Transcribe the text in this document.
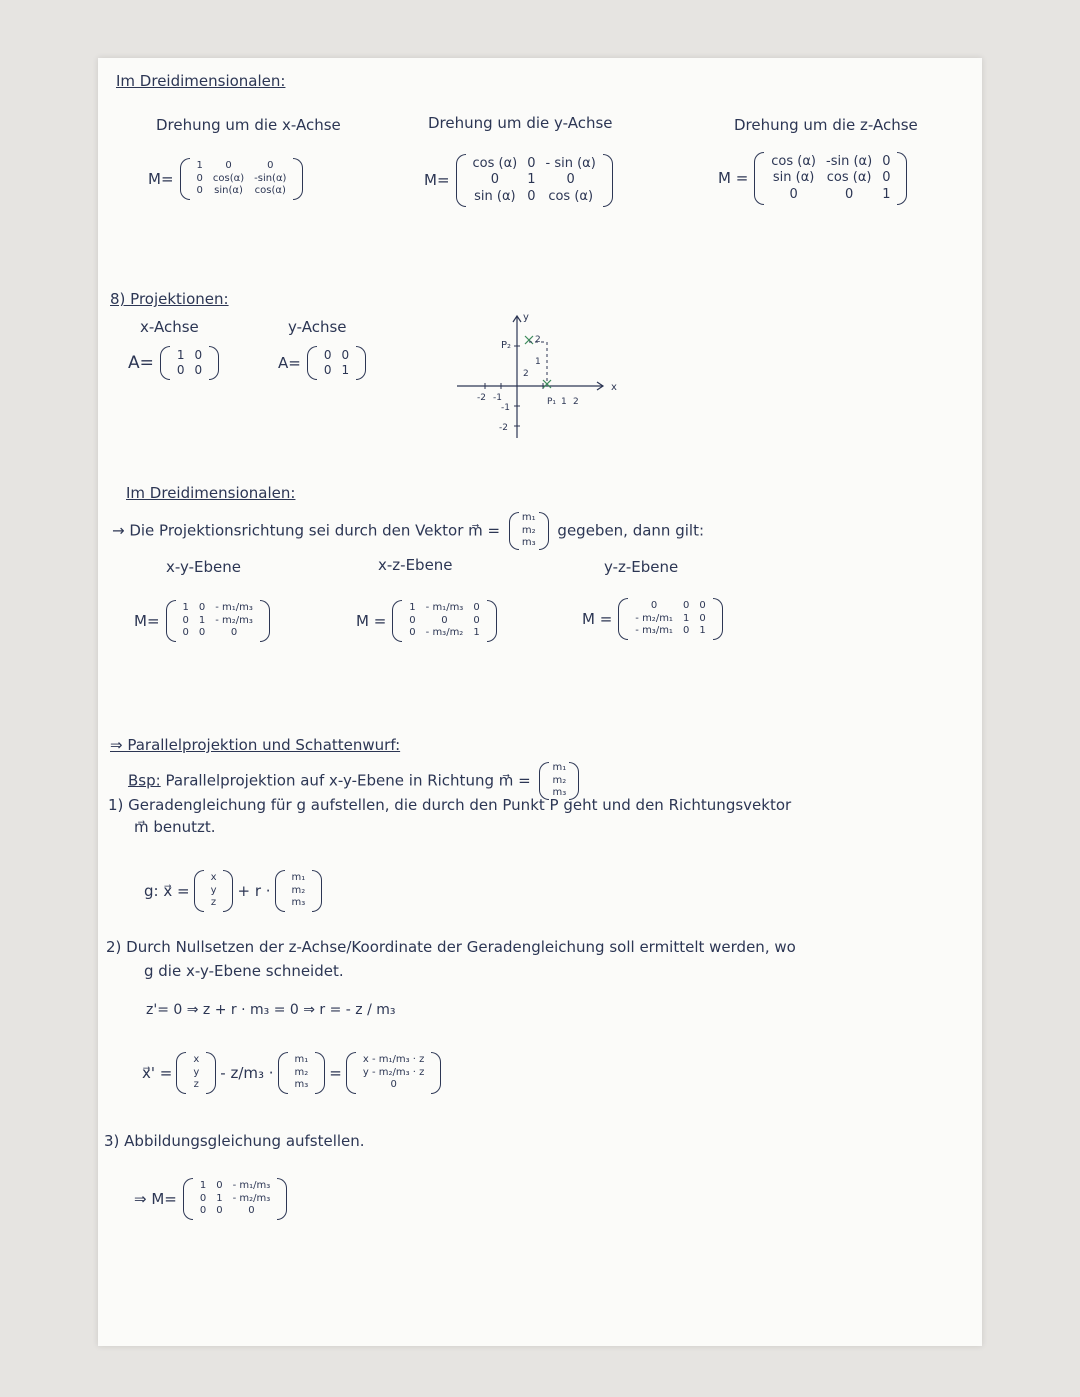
Im Dreidimensionalen:
Drehung um die x-Achse
M=
1	0	0
0	cos(α)	-sin(α)
0	sin(α)	cos(α)
Drehung um die y-Achse
M=
cos (α)	0	- sin (α)
0	1	0
sin (α)	0	cos (α)
Drehung um die z-Achse
M =
cos (α)	-sin (α)	0
sin (α)	cos (α)	0
0	0	1
8) Projektionen:
x-Achse
A= 1	0
0	0
y-Achse
A= 0	0
0	1
x
y
P₂
P₁
-2 -1	2
-1
-2
2
1
2
1
Im Dreidimensionalen:
→ Die Projektionsrichtung sei durch den Vektor m⃗ =
m₁
m₂
m₃
gegeben, dann gilt:
x-y-Ebene
M=
1	0	- m₁/m₃
0	1	- m₂/m₃
0	0	0
x-z-Ebene
M =
1	- m₁/m₃	0
0	0	0
0	- m₃/m₂	1
y-z-Ebene
M =
0	0	0
- m₂/m₁	1	0
- m₃/m₁	0	1
⇒ Parallelprojektion und Schattenwurf:
Bsp: Parallelprojektion auf x-y-Ebene in Richtung m⃗ =
m₁
m₂
m₃
1) Geradengleichung für g aufstellen, die durch den Punkt P geht und den Richtungsvektor
m⃗ benutzt.
g: x⃗ =
x
y
z
+ r ·
m₁
m₂
m₃
2) Durch Nullsetzen der z-Achse/Koordinate der Geradengleichung soll ermittelt werden, wo
g die x-y-Ebene schneidet.
z'= 0 ⇒ z + r · m₃ = 0 ⇒ r = - z / m₃
x⃗' =
x
y
z
- z/m₃ ·
m₁
m₂
m₃
=
x - m₁/m₃ · z
y - m₂/m₃ · z
0
3) Abbildungsgleichung aufstellen.
⇒ M=
1	0	- m₁/m₃
0	1	- m₂/m₃
0	0	0
